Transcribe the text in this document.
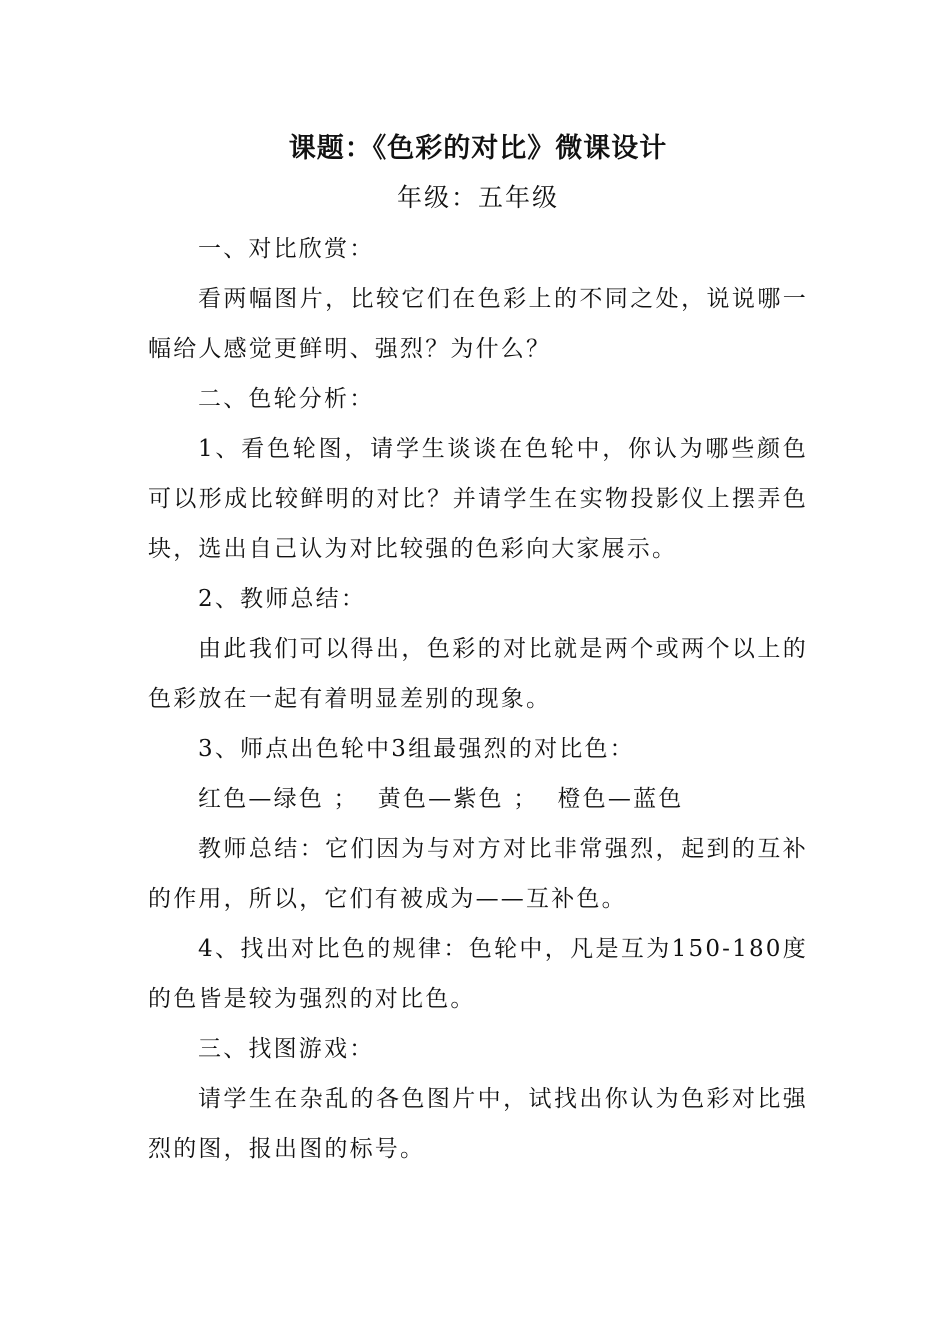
课题：《色彩的对比》微课设计
年级：五年级

一、对比欣赏：

看两幅图片，比较它们在色彩上的不同之处，说说哪一幅给人感觉更鲜明、强烈？为什么？

二、色轮分析：

1、看色轮图，请学生谈谈在色轮中，你认为哪些颜色可以形成比较鲜明的对比？并请学生在实物投影仪上摆弄色块，选出自己认为对比较强的色彩向大家展示。

2、教师总结：

由此我们可以得出，色彩的对比就是两个或两个以上的色彩放在一起有着明显差别的现象。

3、师点出色轮中3组最强烈的对比色：

红色—绿色 ；  黄色—紫色 ；  橙色—蓝色

教师总结：它们因为与对方对比非常强烈，起到的互补的作用，所以，它们有被成为——互补色。

4、找出对比色的规律：色轮中，凡是互为150-180度的色皆是较为强烈的对比色。

三、找图游戏：

请学生在杂乱的各色图片中，试找出你认为色彩对比强烈的图，报出图的标号。
